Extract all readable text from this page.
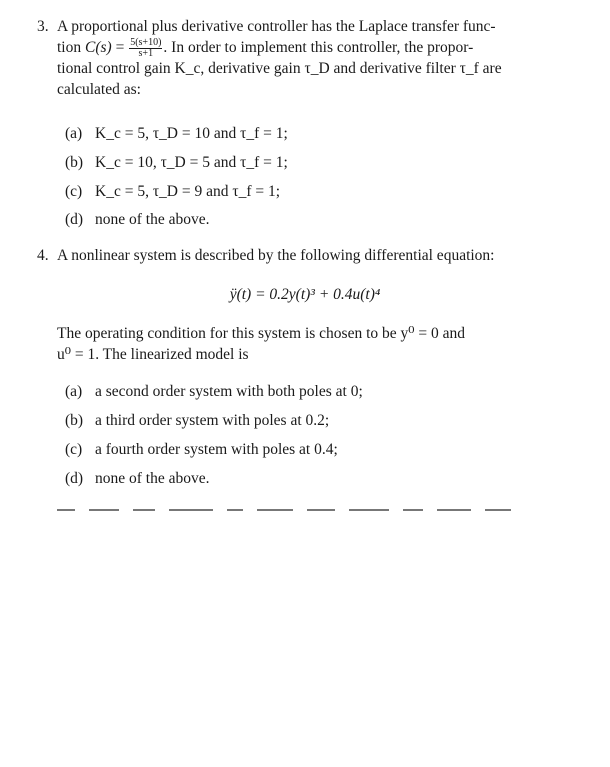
3. A proportional plus derivative controller has the Laplace transfer func-
tion $C(s) = \frac{5(s+10)}{s+1}$ . In order to implement this controller, the propor-
tional control gain K_c, derivative gain τ_D and derivative filter τ_f are
calculated as:
(a) K_c = 5, τ_D = 10 and τ_f = 1;
(b) K_c = 10, τ_D = 5 and τ_f = 1;
(c) K_c = 5, τ_D = 9 and τ_f = 1;
(d) none of the above.
4. A nonlinear system is described by the following differential equation:
ÿ(t) = 0.2y(t)³ + 0.4u(t)⁴
The operating condition for this system is chosen to be y⁰ = 0 and
u⁰ = 1. The linearized model is
(a) a second order system with both poles at 0;
(b) a third order system with poles at 0.2;
(c) a fourth order system with poles at 0.4;
(d) none of the above.
